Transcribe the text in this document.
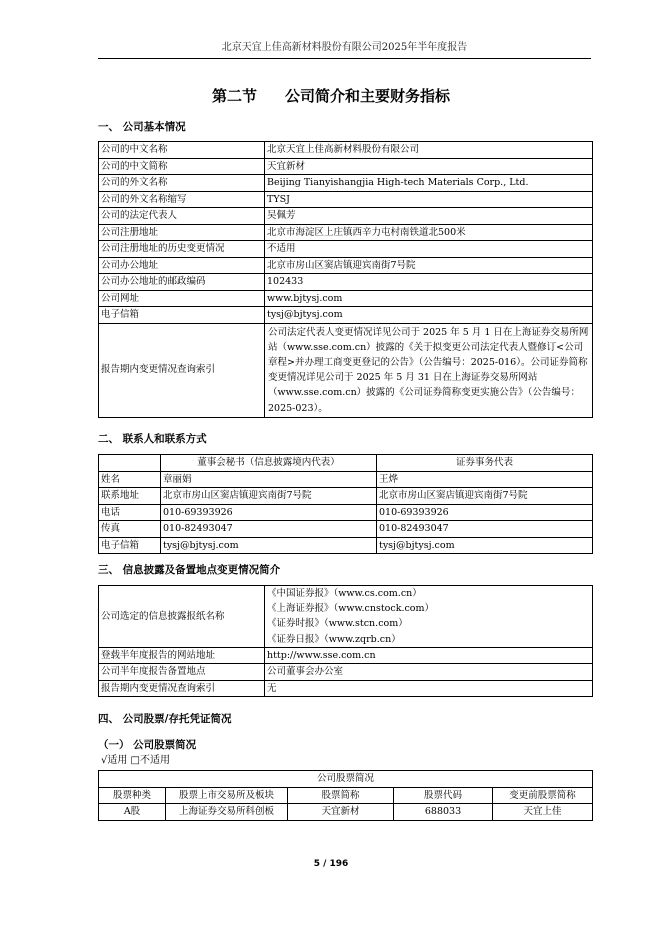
北京天宜上佳高新材料股份有限公司2025年半年度报告
第二节 公司简介和主要财务指标
一、 公司基本情况
公司的中文名称	北京天宜上佳高新材料股份有限公司
公司的中文简称	天宜新材
公司的外文名称	Beijing Tianyishangjia High-tech Materials Corp., Ltd.
公司的外文名称缩写	TYSJ
公司的法定代表人	吴佩芳
公司注册地址	北京市海淀区上庄镇西辛力屯村南铁道北500米
公司注册地址的历史变更情况	不适用
公司办公地址	北京市房山区窦店镇迎宾南街7号院
公司办公地址的邮政编码	102433
公司网址	www.bjtysj.com
电子信箱	tysj@bjtysj.com
报告期内变更情况查询索引	公司法定代表人变更情况详见公司于 2025 年 5 月 1 日在上海证券交易所网站（www.sse.com.cn）披露的《关于拟变更公司法定代表人暨修订<公司章程>并办理工商变更登记的公告》（公告编号：2025-016）。公司证券简称变更情况详见公司于 2025 年 5 月 31 日在上海证券交易所网站（www.sse.com.cn）披露的《公司证券简称变更实施公告》（公告编号：2025-023）。
二、 联系人和联系方式
	董事会秘书（信息披露境内代表）	证券事务代表
姓名	章丽娟	王烨
联系地址	北京市房山区窦店镇迎宾南街7号院	北京市房山区窦店镇迎宾南街7号院
电话	010-69393926	010-69393926
传真	010-82493047	010-82493047
电子信箱	tysj@bjtysj.com	tysj@bjtysj.com
三、 信息披露及备置地点变更情况简介
公司选定的信息披露报纸名称	《中国证券报》（www.cs.com.cn）
《上海证券报》（www.cnstock.com）
《证券时报》（www.stcn.com）
《证券日报》（www.zqrb.cn）

登载半年度报告的网站地址	http://www.sse.com.cn
公司半年度报告备置地点	公司董事会办公室
报告期内变更情况查询索引	无
四、 公司股票/存托凭证简况
（一） 公司股票简况
√适用 □不适用
公司股票简况				
股票种类	股票上市交易所及板块	股票简称	股票代码	变更前股票简称
A股	上海证券交易所科创板	天宜新材	688033	天宜上佳
5 / 196
